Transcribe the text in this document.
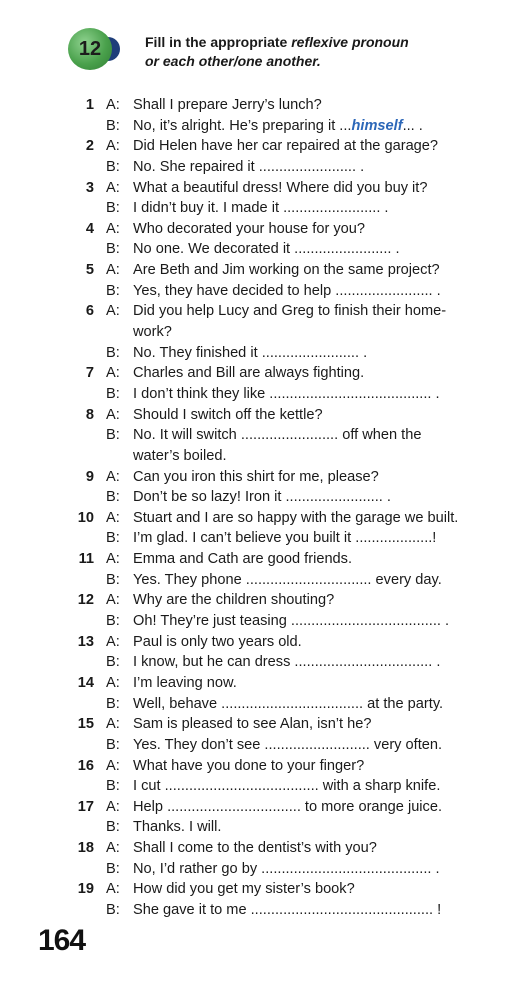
12	Fill in the appropriate reflexive pronoun
or each other/one another.
1 A: Shall I prepare Jerry’s lunch?
B: No, it’s alright. He’s preparing it ...himself... .
2 A: Did Helen have her car repaired at the garage?
B: No. She repaired it ........................ .
3 A: What a beautiful dress! Where did you buy it?
B: I didn’t buy it. I made it ........................ .
4 A: Who decorated your house for you?
B: No one. We decorated it ........................ .
5 A: Are Beth and Jim working on the same project?
B: Yes, they have decided to help ........................ .
6 A: Did you help Lucy and Greg to finish their home-
work?
B: No. They finished it ........................ .
7 A: Charles and Bill are always fighting.
B: I don’t think they like ........................................ .
8 A: Should I switch off the kettle?
B: No. It will switch ........................ off when the
water’s boiled.
9 A: Can you iron this shirt for me, please?
B: Don’t be so lazy! Iron it ........................ .
10 A: Stuart and I are so happy with the garage we built.
B: I’m glad. I can’t believe you built it ...................!
11 A: Emma and Cath are good friends.
B: Yes. They phone ............................... every day.
12 A: Why are the children shouting?
B: Oh! They’re just teasing ..................................... .
13 A: Paul is only two years old.
B: I know, but he can dress .................................. .
14 A: I’m leaving now.
B: Well, behave ................................... at the party.
15 A: Sam is pleased to see Alan, isn’t he?
B: Yes. They don’t see .......................... very often.
16 A: What have you done to your finger?
B: I cut ...................................... with a sharp knife.
17 A: Help ................................. to more orange juice.
B: Thanks. I will.
18 A: Shall I come to the dentist’s with you?
B: No, I’d rather go by .......................................... .
19 A: How did you get my sister’s book?
B: She gave it to me ............................................. !
164
